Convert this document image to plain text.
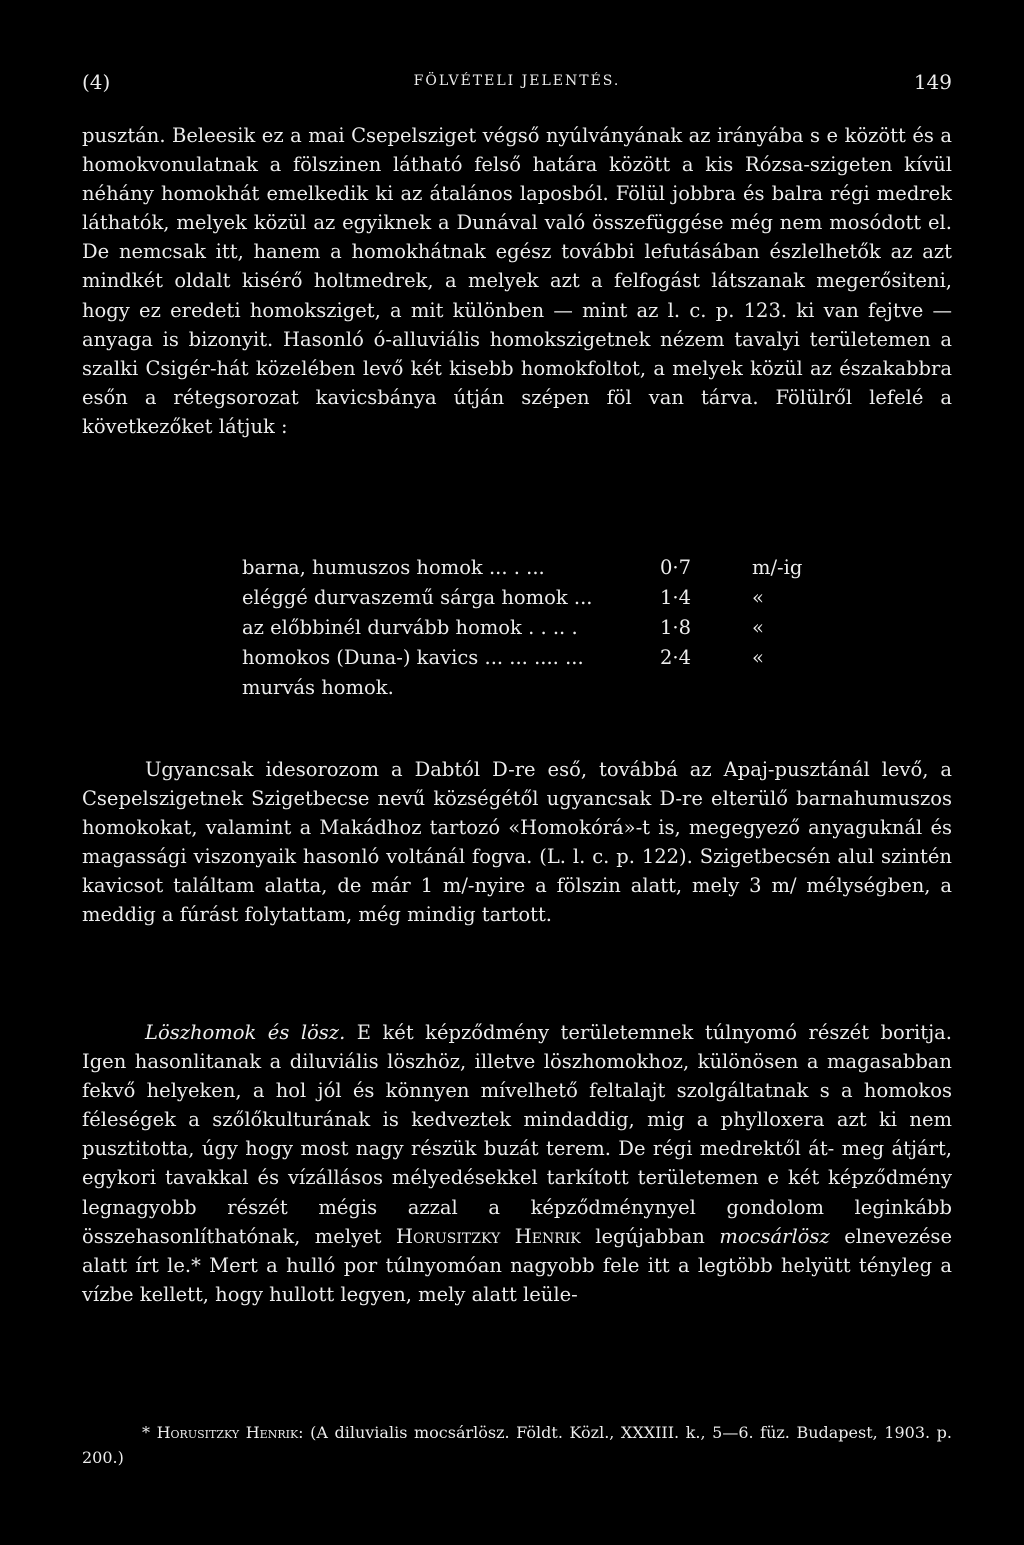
(4)	FÖLVÉTELI JELENTÉS.	149
pusztán. Beleesik ez a mai Csepelsziget végső nyúlványának az irányába s e között és a homokvonulatnak a fölszinen látható felső határa között a kis Rózsa-szigeten kívül néhány homokhát emelkedik ki az átalános laposból. Fölül jobbra és balra régi medrek láthatók, melyek közül az egyiknek a Dunával való összefüggése még nem mosódott el. De nemcsak itt, hanem a homokhátnak egész további lefutásában észlelhetők az azt mindkét oldalt kisérő holtmedrek, a melyek azt a felfogást látszanak megerősiteni, hogy ez eredeti homoksziget, a mit különben — mint az l. c. p. 123. ki van fejtve — anyaga is bizonyit. Hasonló ó-alluviális homokszigetnek nézem tavalyi területemen a szalki Csigér-hát közelében levő két kisebb homokfoltot, a melyek közül az északabbra esőn a rétegsorozat kavicsbánya útján szépen föl van tárva. Fölülről lefelé a következőket látjuk :
barna, humuszos homok ... . ...	0·7	m/-ig
eléggé durvaszemű sárga homok ...	1·4	«
az előbbinél durvább homok . . .. .	1·8	«
homokos (Duna-) kavics ... ... .... ...	2·4	«
murvás homok.
Ugyancsak idesorozom a Dabtól D-re eső, továbbá az Apaj-pusztánál levő, a Csepelszigetnek Szigetbecse nevű községétől ugyancsak D-re elterülő barnahumuszos homokokat, valamint a Makádhoz tartozó «Homokórá»-t is, megegyező anyaguknál és magassági viszonyaik hasonló voltánál fogva. (L. l. c. p. 122). Szigetbecsén alul szintén kavicsot találtam alatta, de már 1 m/-nyire a fölszin alatt, mely 3 m/ mélységben, a meddig a fúrást folytattam, még mindig tartott.
Löszhomok és lösz. E két képződmény területemnek túlnyomó részét boritja. Igen hasonlitanak a diluviális löszhöz, illetve löszhomokhoz, különösen a magasabban fekvő helyeken, a hol jól és könnyen mívelhető feltalajt szolgáltatnak s a homokos féleségek a szőlőkulturának is kedveztek mindaddig, mig a phylloxera azt ki nem pusztitotta, úgy hogy most nagy részük buzát terem. De régi medrektől át- meg átjárt, egykori tavakkal és vízállásos mélyedésekkel tarkított területemen e két képződmény legnagyobb részét mégis azzal a képződménynyel gondolom leginkább összehasonlíthatónak, melyet Horusitzky Henrik legújabban mocsárlösz elnevezése alatt írt le.* Mert a hulló por túlnyomóan nagyobb fele itt a legtöbb helyütt tényleg a vízbe kellett, hogy hullott legyen, mely alatt leüle-
* Horusitzky Henrik: (A diluvialis mocsárlösz. Földt. Közl., XXXIII. k., 5—6. füz. Budapest, 1903. p. 200.)
